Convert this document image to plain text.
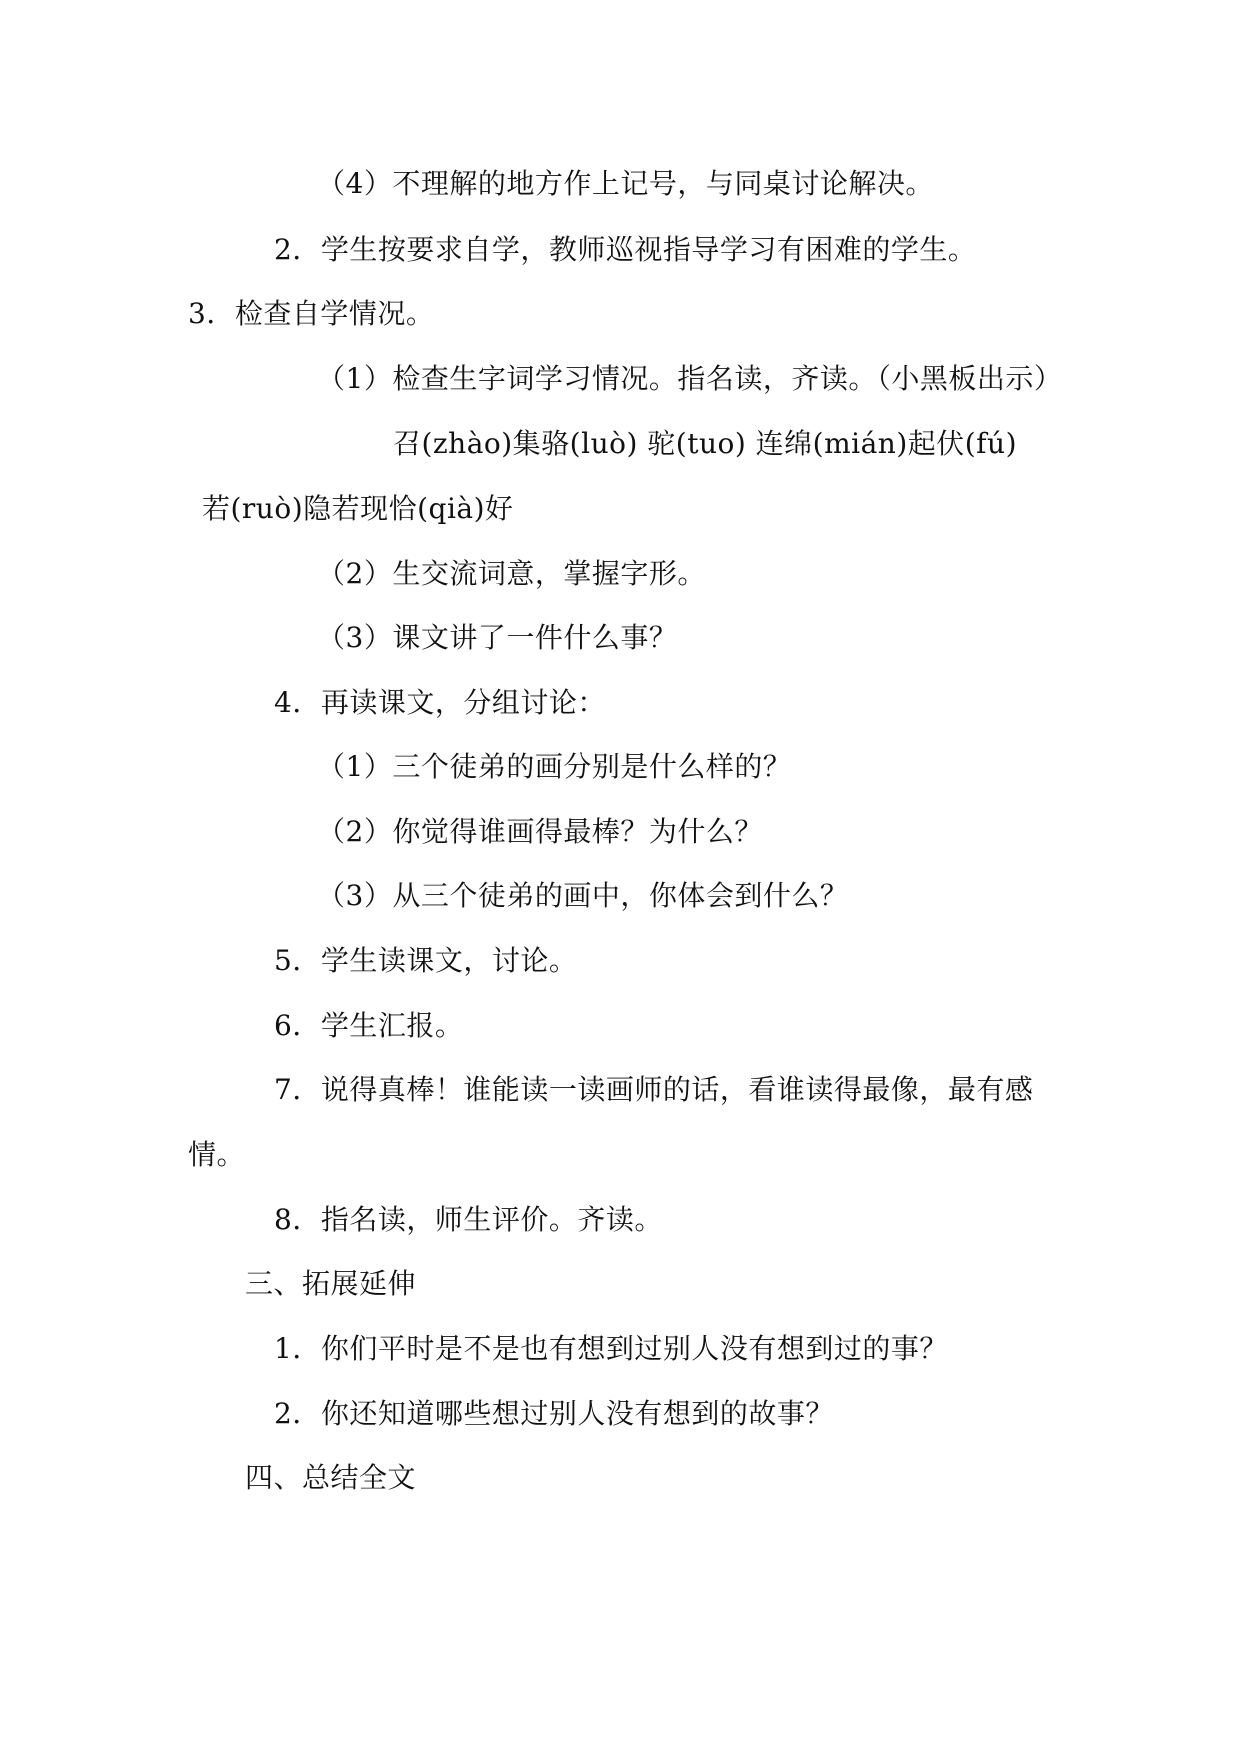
（4）不理解的地方作上记号，与同桌讨论解决。
2．学生按要求自学，教师巡视指导学习有困难的学生。
3．检查自学情况。
（1）检查生字词学习情况。指名读，齐读。（小黑板出示）
召(zhào)集骆(luò) 驼(tuo) 连绵(mián)起伏(fú)
若(ruò)隐若现恰(qià)好
（2）生交流词意，掌握字形。
（3）课文讲了一件什么事？
4．再读课文，分组讨论：
（1）三个徒弟的画分别是什么样的？
（2）你觉得谁画得最棒？为什么？
（3）从三个徒弟的画中，你体会到什么？
5．学生读课文，讨论。
6．学生汇报。
7．说得真棒！谁能读一读画师的话，看谁读得最像，最有感
情。
8．指名读，师生评价。齐读。
三、拓展延伸
1．你们平时是不是也有想到过别人没有想到过的事？
2．你还知道哪些想过别人没有想到的故事？
四、总结全文
